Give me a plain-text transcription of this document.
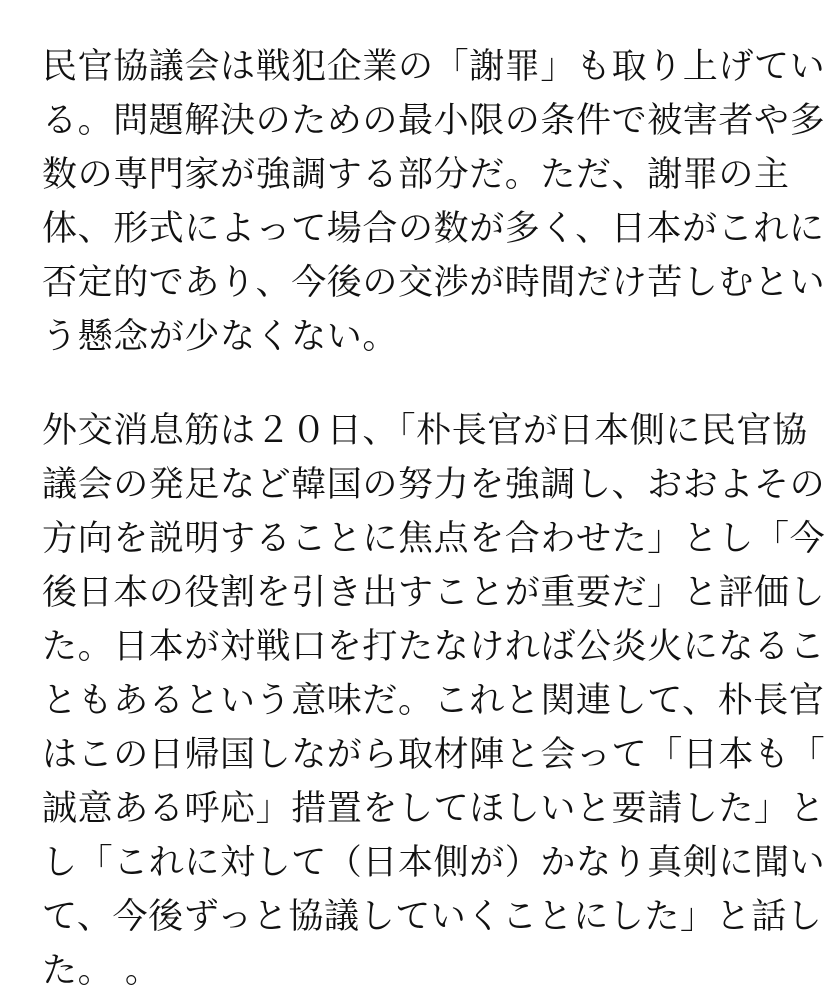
民官協議会は戦犯企業の「謝罪」も取り上げてい
る。問題解決のための最小限の条件で被害者や多
数の専門家が強調する部分だ。ただ、謝罪の主
体、形式によって場合の数が多く、日本がこれに
否定的であり、今後の交渉が時間だけ苦しむとい
う懸念が少なくない。
外交消息筋は２０日、「朴長官が日本側に民官協
議会の発足など韓国の努力を強調し、おおよその
方向を説明することに焦点を合わせた」とし「今
後日本の役割を引き出すことが重要だ」と評価し
た。日本が対戦口を打たなければ公炎火になるこ
ともあるという意味だ。これと関連して、朴長官
はこの日帰国しながら取材陣と会って「日本も「
誠意ある呼応」措置をしてほしいと要請した」と
し「これに対して（日本側が）かなり真剣に聞い
て、今後ずっと協議していくことにした」と話し
た。 。
